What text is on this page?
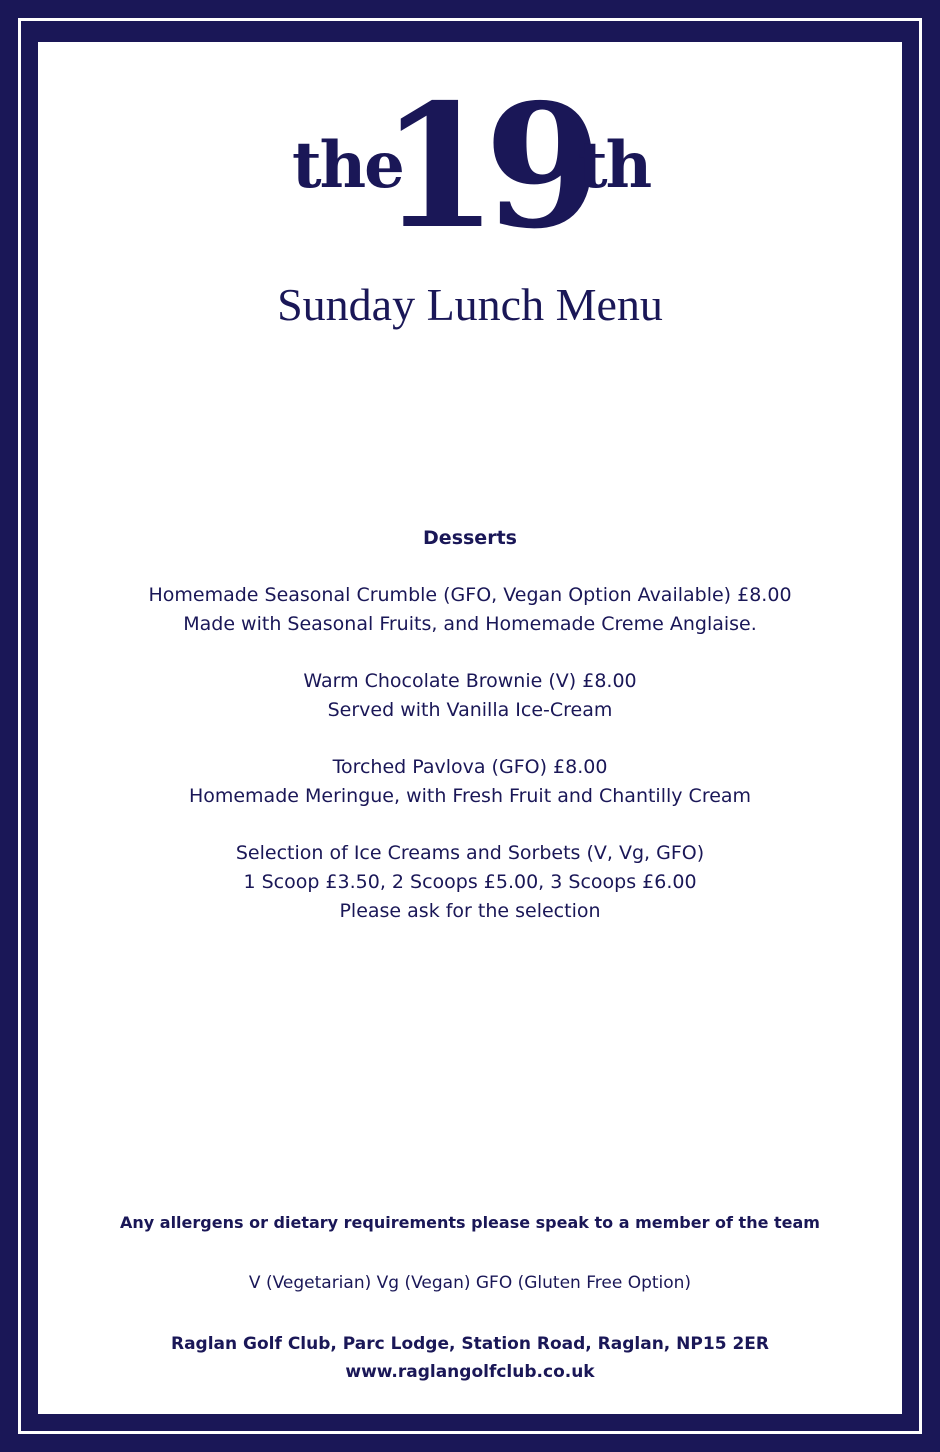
the
19
th
Sunday Lunch Menu
Desserts
Homemade Seasonal Crumble (GFO, Vegan Option Available) £8.00
Made with Seasonal Fruits, and Homemade Creme Anglaise.
Warm Chocolate Brownie (V) £8.00
Served with Vanilla Ice-Cream
Torched Pavlova (GFO) £8.00
Homemade Meringue, with Fresh Fruit and Chantilly Cream
Selection of Ice Creams and Sorbets (V, Vg, GFO)
1 Scoop £3.50, 2 Scoops £5.00, 3 Scoops £6.00
Please ask for the selection
Any allergens or dietary requirements please speak to a member of the team
V (Vegetarian) Vg (Vegan) GFO (Gluten Free Option)
Raglan Golf Club, Parc Lodge, Station Road, Raglan, NP15 2ER
www.raglangolfclub.co.uk
